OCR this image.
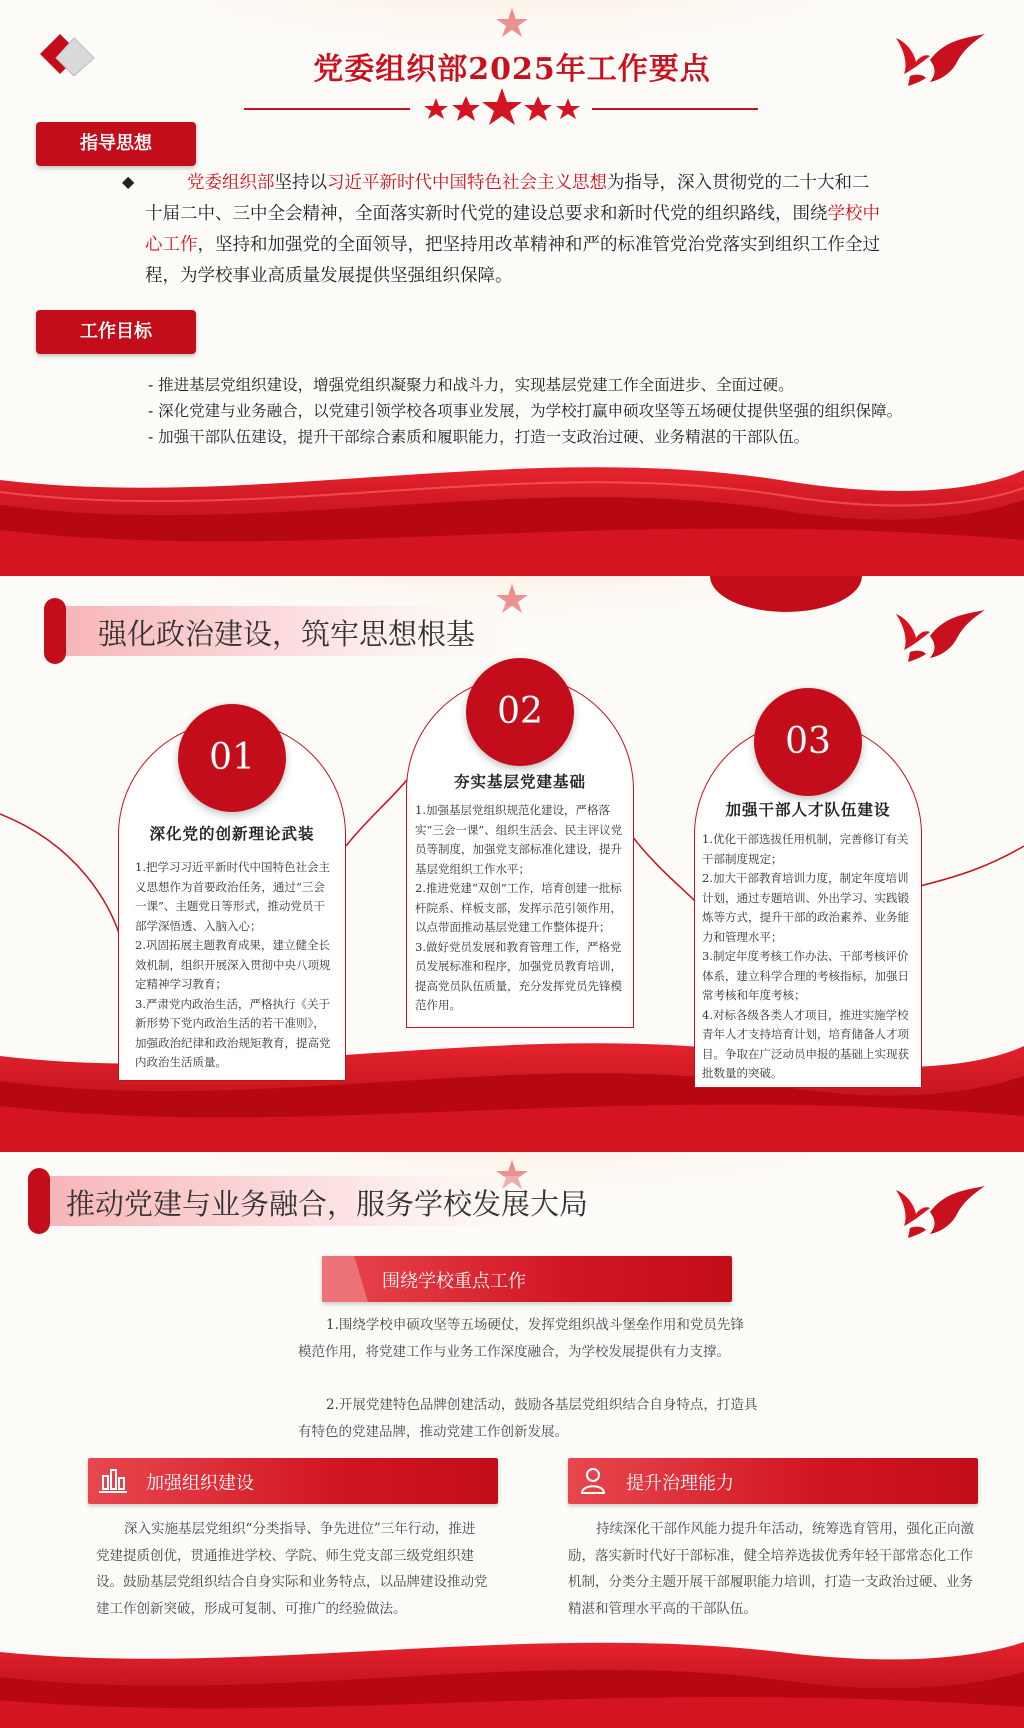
党委组织部2025年工作要点
指导思想
◆	党委组织部坚持以习近平新时代中国特色社会主义思想为指导，深入贯彻党的二十大和二十届二中、三中全会精神，全面落实新时代党的建设总要求和新时代党的组织路线，围绕学校中心工作，坚持和加强党的全面领导，把坚持用改革精神和严的标准管党治党落实到组织工作全过程，为学校事业高质量发展提供坚强组织保障。
工作目标
- 推进基层党组织建设，增强党组织凝聚力和战斗力，实现基层党建工作全面进步、全面过硬。
- 深化党建与业务融合，以党建引领学校各项事业发展，为学校打赢申硕攻坚等五场硬仗提供坚强的组织保障。
- 加强干部队伍建设，提升干部综合素质和履职能力，打造一支政治过硬、业务精湛的干部队伍。
强化政治建设，筑牢思想根基
01
深化党的创新理论武装
1.把学习习近平新时代中国特色社会主义思想作为首要政治任务，通过“三会一课”、主题党日等形式，推动党员干部学深悟透、入脑入心；
2.巩固拓展主题教育成果，建立健全长效机制，组织开展深入贯彻中央八项规定精神学习教育；
3.严肃党内政治生活，严格执行《关于新形势下党内政治生活的若干准则》，加强政治纪律和政治规矩教育，提高党内政治生活质量。
02
夯实基层党建基础
1.加强基层党组织规范化建设，严格落实“三会一课”、组织生活会、民主评议党员等制度，加强党支部标准化建设，提升基层党组织工作水平；
2.推进党建“双创”工作，培育创建一批标杆院系、样板支部，发挥示范引领作用，以点带面推动基层党建工作整体提升；
3.做好党员发展和教育管理工作，严格党员发展标准和程序，加强党员教育培训，提高党员队伍质量，充分发挥党员先锋模范作用。
03
加强干部人才队伍建设
1.优化干部选拔任用机制，完善修订有关干部制度规定；
2.加大干部教育培训力度，制定年度培训计划，通过专题培训、外出学习、实践锻炼等方式，提升干部的政治素养、业务能力和管理水平；
3.制定年度考核工作办法、干部考核评价体系，建立科学合理的考核指标，加强日常考核和年度考核；
4.对标各级各类人才项目，推进实施学校青年人才支持培育计划，培育储备人才项目。争取在广泛动员申报的基础上实现获批数量的突破。
推动党建与业务融合，服务学校发展大局
围绕学校重点工作
1.围绕学校申硕攻坚等五场硬仗，发挥党组织战斗堡垒作用和党员先锋模范作用，将党建工作与业务工作深度融合，为学校发展提供有力支撑。
2.开展党建特色品牌创建活动，鼓励各基层党组织结合自身特点，打造具有特色的党建品牌，推动党建工作创新发展。
加强组织建设
深入实施基层党组织“分类指导、争先进位”三年行动，推进党建提质创优，贯通推进学校、学院、师生党支部三级党组织建设。鼓励基层党组织结合自身实际和业务特点，以品牌建设推动党建工作创新突破，形成可复制、可推广的经验做法。
提升治理能力
持续深化干部作风能力提升年活动，统筹选育管用，强化正向激励，落实新时代好干部标准，健全培养选拔优秀年轻干部常态化工作机制，分类分主题开展干部履职能力培训，打造一支政治过硬、业务精湛和管理水平高的干部队伍。
